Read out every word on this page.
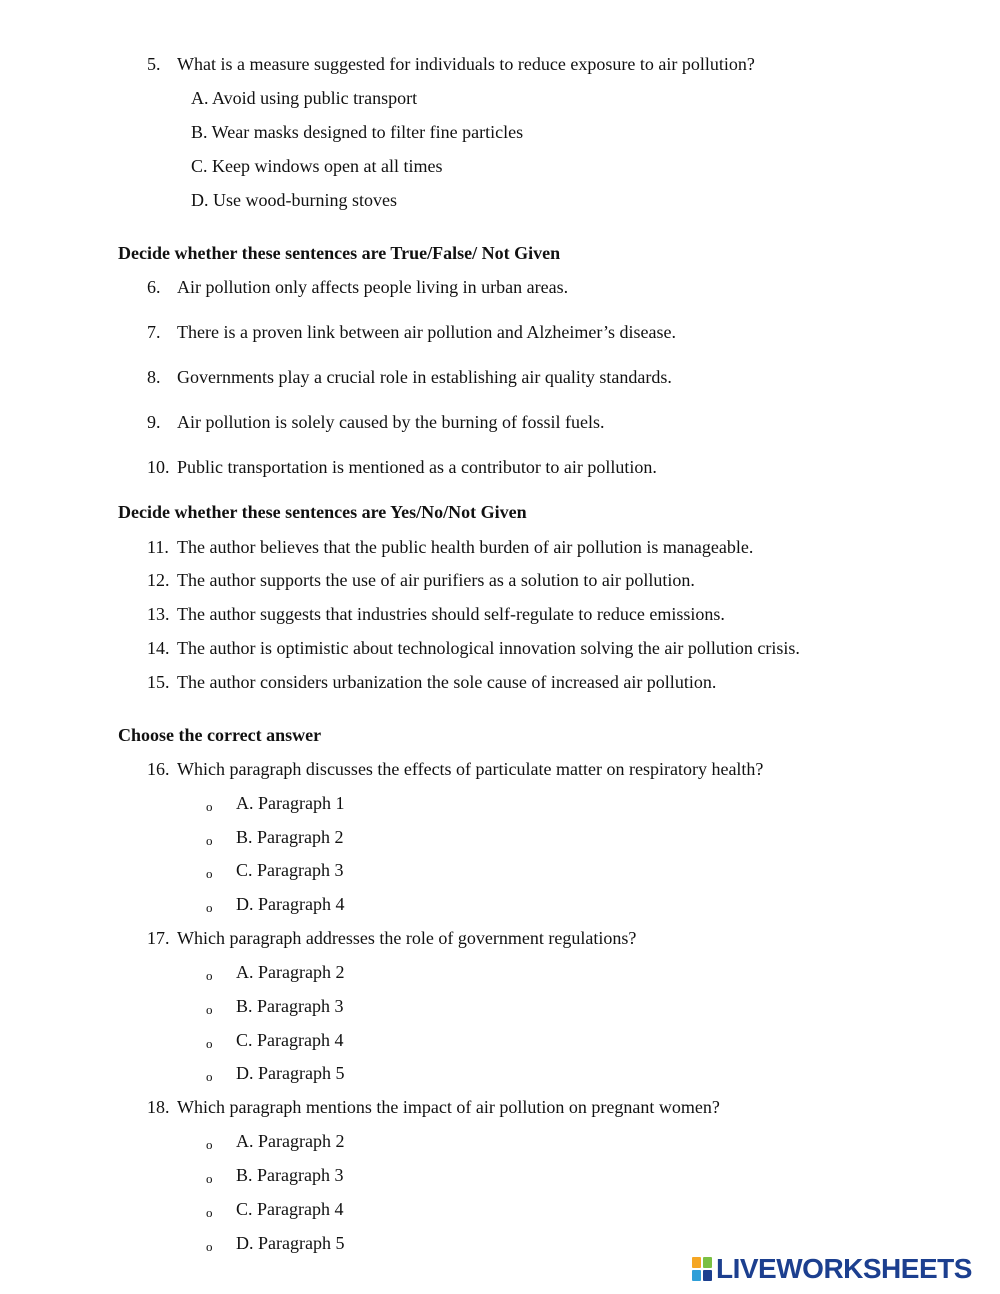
5. What is a measure suggested for individuals to reduce exposure to air pollution?
A. Avoid using public transport
B. Wear masks designed to filter fine particles
C. Keep windows open at all times
D. Use wood-burning stoves
Decide whether these sentences are True/False/ Not Given
6. Air pollution only affects people living in urban areas.
7. There is a proven link between air pollution and Alzheimer’s disease.
8. Governments play a crucial role in establishing air quality standards.
9. Air pollution is solely caused by the burning of fossil fuels.
10. Public transportation is mentioned as a contributor to air pollution.
Decide whether these sentences are Yes/No/Not Given
11. The author believes that the public health burden of air pollution is manageable.
12. The author supports the use of air purifiers as a solution to air pollution.
13. The author suggests that industries should self-regulate to reduce emissions.
14. The author is optimistic about technological innovation solving the air pollution crisis.
15. The author considers urbanization the sole cause of increased air pollution.
Choose the correct answer
16. Which paragraph discusses the effects of particulate matter on respiratory health?
o A. Paragraph 1
o B. Paragraph 2
o C. Paragraph 3
o D. Paragraph 4
17. Which paragraph addresses the role of government regulations?
o A. Paragraph 2
o B. Paragraph 3
o C. Paragraph 4
o D. Paragraph 5
18. Which paragraph mentions the impact of air pollution on pregnant women?
o A. Paragraph 2
o B. Paragraph 3
o C. Paragraph 4
o D. Paragraph 5
LIVEWORKSHEETS
